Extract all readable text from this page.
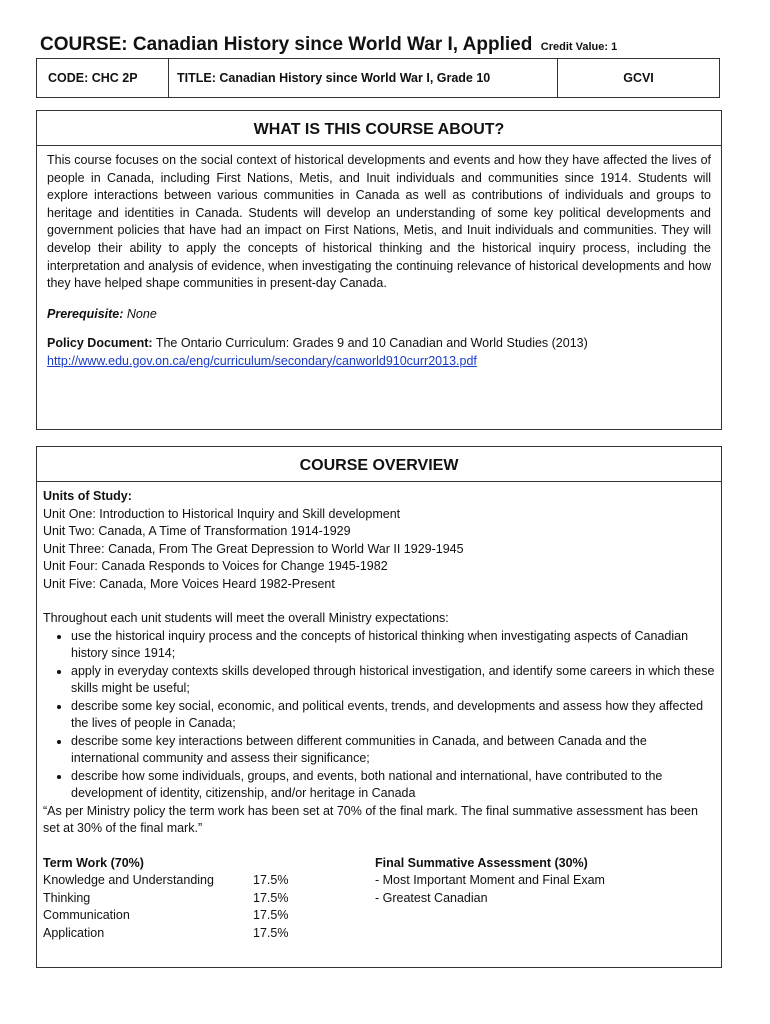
COURSE: Canadian History since World War I, Applied Credit Value: 1
CODE: CHC 2P	TITLE: Canadian History since World War I, Grade 10	GCVI
WHAT IS THIS COURSE ABOUT?

This course focuses on the social context of historical developments and events and how they have affected the lives of people in Canada, including First Nations, Metis, and Inuit individuals and communities since 1914. Students will explore interactions between various communities in Canada as well as contributions of individuals and groups to heritage and identities in Canada. Students will develop an understanding of some key political developments and government policies that have had an impact on First Nations, Metis, and Inuit individuals and communities. They will develop their ability to apply the concepts of historical thinking and the historical inquiry process, including the interpretation and analysis of evidence, when investigating the continuing relevance of historical developments and how they have helped shape communities in present-day Canada.

Prerequisite: None

Policy Document: The Ontario Curriculum: Grades 9 and 10 Canadian and World Studies (2013)
http://www.edu.gov.on.ca/eng/curriculum/secondary/canworld910curr2013.pdf

COURSE OVERVIEW

Units of Study:

Unit One: Introduction to Historical Inquiry and Skill development

Unit Two: Canada, A Time of Transformation 1914-1929

Unit Three: Canada, From The Great Depression to World War II 1929-1945

Unit Four: Canada Responds to Voices for Change 1945-1982

Unit Five: Canada, More Voices Heard 1982-Present

Throughout each unit students will meet the overall Ministry expectations:

• use the historical inquiry process and the concepts of historical thinking when investigating aspects of Canadian history since 1914;
• apply in everyday contexts skills developed through historical investigation, and identify some careers in which these skills might be useful;
• describe some key social, economic, and political events, trends, and developments and assess how they affected the lives of people in Canada;
• describe some key interactions between different communities in Canada, and between Canada and the international community and assess their significance;
• describe how some individuals, groups, and events, both national and international, have contributed to the development of identity, citizenship, and/or heritage in Canada

“As per Ministry policy the term work has been set at 70% of the final mark. The final summative assessment has been set at 30% of the final mark.”

Term Work (70%)
Knowledge and Understanding	17.5%
Thinking	17.5%
Communication	17.5%
Application	17.5%
Final Summative Assessment (30%)
- Most Important Moment and Final Exam
- Greatest Canadian
